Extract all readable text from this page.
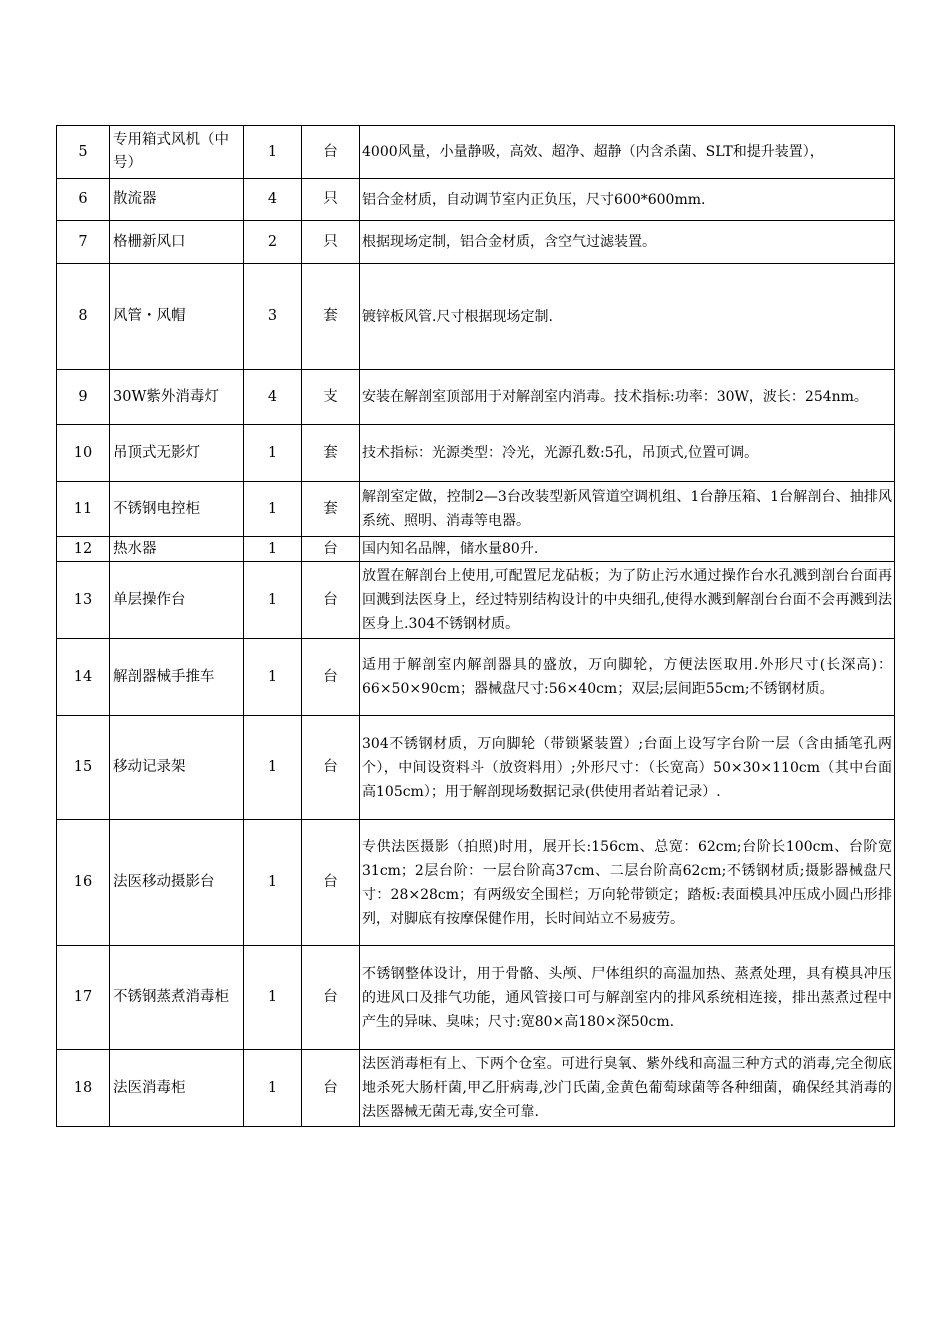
5	专用箱式风机（中号）	1	台	4000风量，小量静吸，高效、超净、超静（内含杀菌、SLT和提升装置），
6	散流器	4	只	铝合金材质，自动调节室内正负压，尺寸600*600mm.
7	格栅新风口	2	只	根据现场定制，铝合金材质，含空气过滤装置。
8	风管・风帽	3	套	镀锌板风管.尺寸根据现场定制.
9	30W紫外消毒灯	4	支	安装在解剖室顶部用于对解剖室内消毒。技术指标:功率：30W，波长：254nm。
10	吊顶式无影灯	1	套	技术指标：光源类型：冷光，光源孔数:5孔，吊顶式,位置可调。
11	不锈钢电控柜	1	套	解剖室定做，控制2—3台改装型新风管道空调机组、1台静压箱、1台解剖台、抽排风系统、照明、消毒等电器。
12	热水器	1	台	国内知名品牌，储水量80升.
13	单层操作台	1	台	放置在解剖台上使用,可配置尼龙砧板；为了防止污水通过操作台水孔溅到剖台台面再回溅到法医身上，经过特别结构设计的中央细孔,使得水溅到解剖台台面不会再溅到法医身上.304不锈钢材质。
14	解剖器械手推车	1	台	适用于解剖室内解剖器具的盛放，万向脚轮，方便法医取用.外形尺寸(长深高)：66×50×90cm；器械盘尺寸:56×40cm；双层;层间距55cm;不锈钢材质。
15	移动记录架	1	台	304不锈钢材质，万向脚轮（带锁紧装置）;台面上设写字台阶一层（含由插笔孔两个），中间设资料斗（放资料用）;外形尺寸：（长宽高）50×30×110cm（其中台面高105cm）；用于解剖现场数据记录(供使用者站着记录）.
16	法医移动摄影台	1	台	专供法医摄影（拍照)时用，展开长:156cm、总宽：62cm;台阶长100cm、台阶宽31cm；2层台阶：一层台阶高37cm、二层台阶高62cm;不锈钢材质;摄影器械盘尺寸：28×28cm；有两级安全围栏；万向轮带锁定；踏板:表面模具冲压成小圆凸形排列，对脚底有按摩保健作用，长时间站立不易疲劳。
17	不锈钢蒸煮消毒柜	1	台	不锈钢整体设计，用于骨骼、头颅、尸体组织的高温加热、蒸煮处理，具有模具冲压的进风口及排气功能，通风管接口可与解剖室内的排风系统相连接，排出蒸煮过程中产生的异味、臭味；尺寸:宽80×高180×深50cm.
18	法医消毒柜	1	台	法医消毒柜有上、下两个仓室。可进行臭氧、紫外线和高温三种方式的消毒,完全彻底地杀死大肠杆菌,甲乙肝病毒,沙门氏菌,金黄色葡萄球菌等各种细菌，确保经其消毒的法医器械无菌无毒,安全可靠.
